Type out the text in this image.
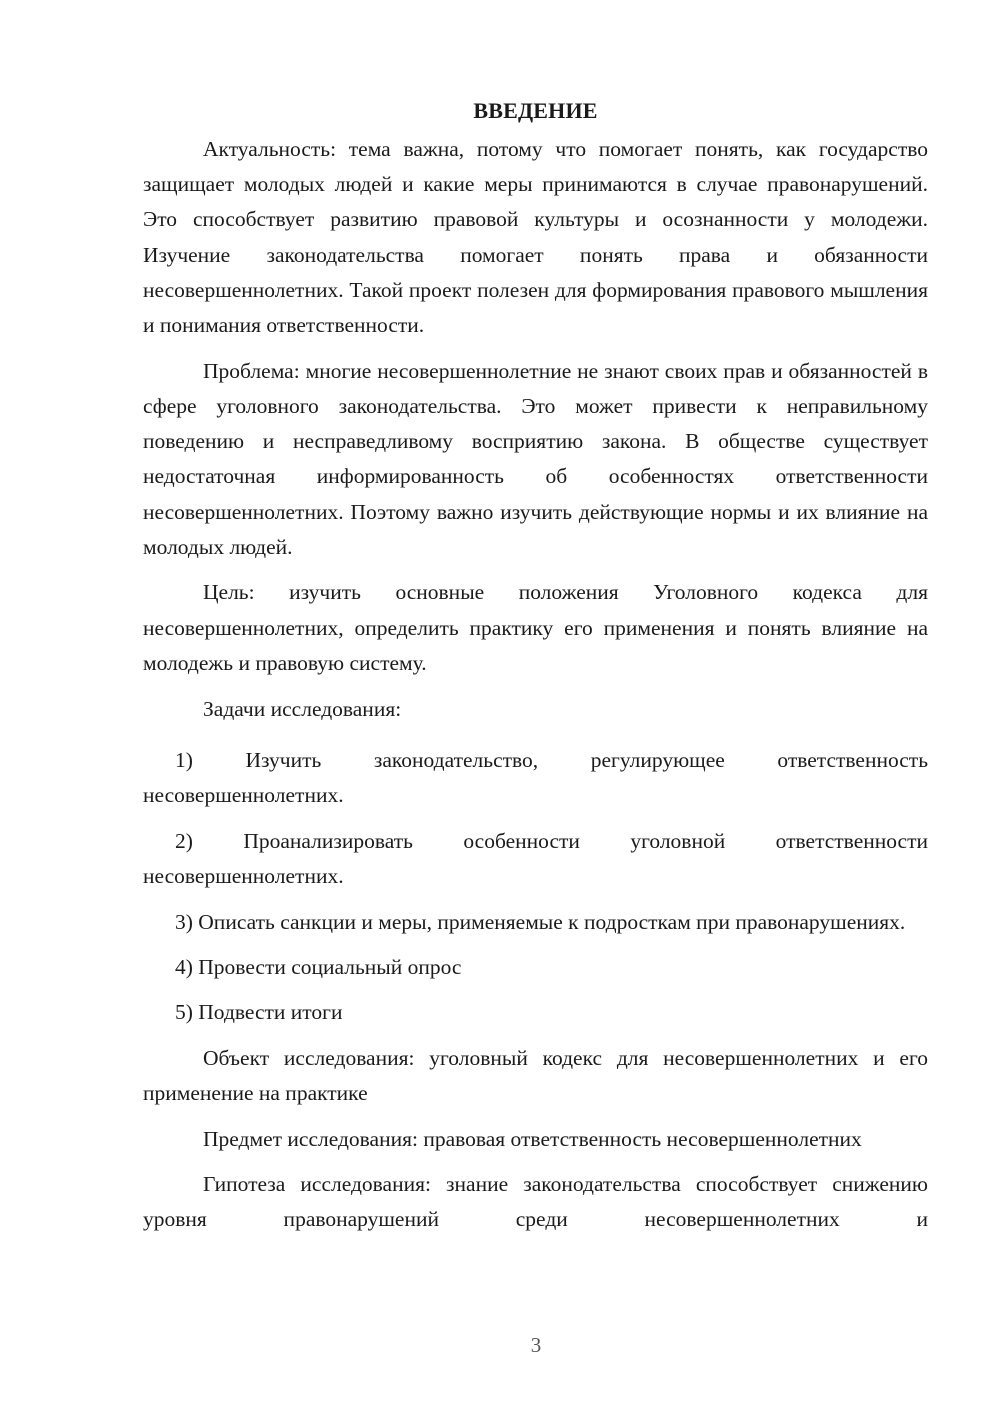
ВВЕДЕНИЕ

Актуальность: тема важна, потому что помогает понять, как государство защищает молодых людей и какие меры принимаются в случае правонарушений. Это способствует развитию правовой культуры и осознанности у молодежи. Изучение законодательства помогает понять права и обязанности несовершеннолетних. Такой проект полезен для формирования правового мышления и понимания ответственности.

Проблема: многие несовершеннолетние не знают своих прав и обязанностей в сфере уголовного законодательства. Это может привести к неправильному поведению и несправедливому восприятию закона. В обществе существует недостаточная информированность об особенностях ответственности несовершеннолетних. Поэтому важно изучить действующие нормы и их влияние на молодых людей.

Цель: изучить основные положения Уголовного кодекса для несовершеннолетних, определить практику его применения и понять влияние на молодежь и правовую систему.

Задачи исследования:

1) Изучить законодательство, регулирующее ответственность несовершеннолетних.

2) Проанализировать особенности уголовной ответственности несовершеннолетних.

3) Описать санкции и меры, применяемые к подросткам при правонарушениях.

4) Провести социальный опрос

5) Подвести итоги

Объект исследования: уголовный кодекс для несовершеннолетних и его применение на практике

Предмет исследования: правовая ответственность несовершеннолетних

Гипотеза исследования: знание законодательства способствует снижению уровня правонарушений среди несовершеннолетних и

3
